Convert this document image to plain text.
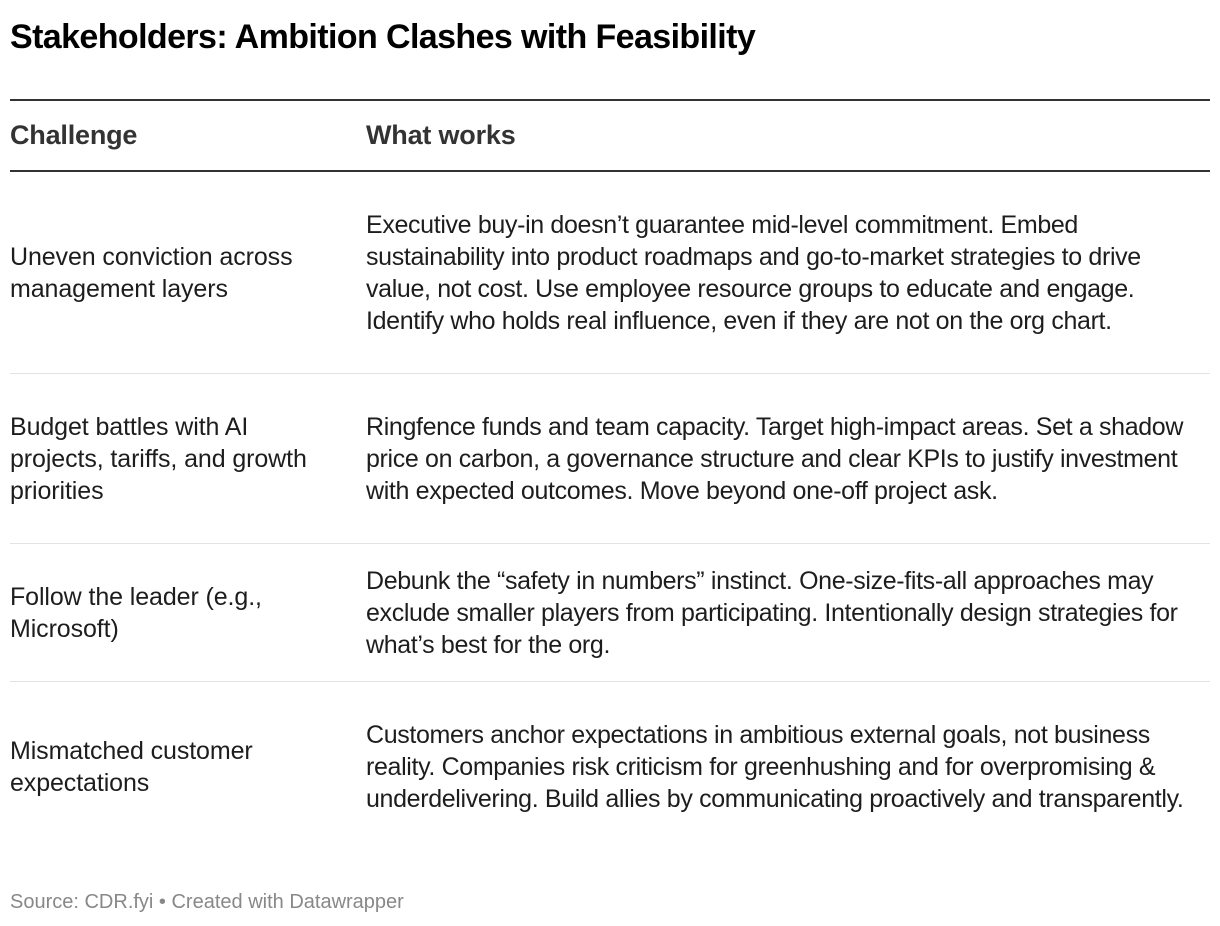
Stakeholders: Ambition Clashes with Feasibility
Challenge	What works
Uneven conviction across management layers
Executive buy-in doesn’t guarantee mid-level commitment. Embed sustainability into product roadmaps and go-to-market strategies to drive value, not cost. Use employee resource groups to educate and engage. Identify who holds real influence, even if they are not on the org chart.
Budget battles with AI projects, tariffs, and growth priorities
Ringfence funds and team capacity. Target high-impact areas. Set a shadow price on carbon, a governance structure and clear KPIs to justify investment with expected outcomes. Move beyond one-off project ask.
Follow the leader (e.g., Microsoft)
Debunk the “safety in numbers” instinct. One-size-fits-all approaches may exclude smaller players from participating. Intentionally design strategies for what’s best for the org.
Mismatched customer expectations
Customers anchor expectations in ambitious external goals, not business reality. Companies risk criticism for greenhushing and for overpromising & underdelivering. Build allies by communicating proactively and transparently.
Source: CDR.fyi • Created with Datawrapper
